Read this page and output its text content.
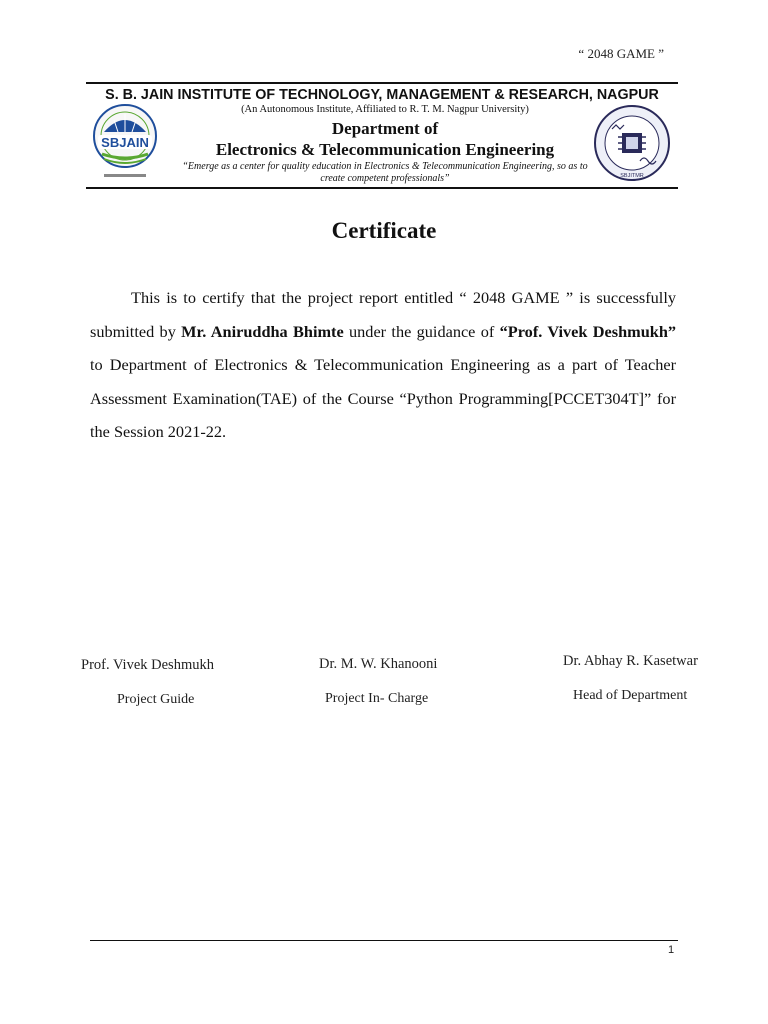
“ 2048 GAME ”
S. B. JAIN INSTITUTE OF TECHNOLOGY, MANAGEMENT & RESEARCH, NAGPUR
(An Autonomous Institute, Affiliated to R. T. M. Nagpur University)
SBJAIN
Department of
Electronics & Telecommunication Engineering
“Emerge as a center for quality education in Electronics & Telecommunication Engineering, so as to
create competent professionals”	SBJITMR
Certificate
This is to certify that the project report entitled “ 2048 GAME ” is successfully submitted by Mr. Aniruddha Bhimte under the guidance of “Prof. Vivek Deshmukh” to Department of Electronics & Telecommunication Engineering as a part of Teacher Assessment Examination(TAE) of the Course “Python Programming[PCCET304T]” for the Session 2021-22.
Prof. Vivek Deshmukh
Project Guide
Dr. M. W. Khanooni
Project In- Charge
Dr. Abhay R. Kasetwar
Head of Department
1
